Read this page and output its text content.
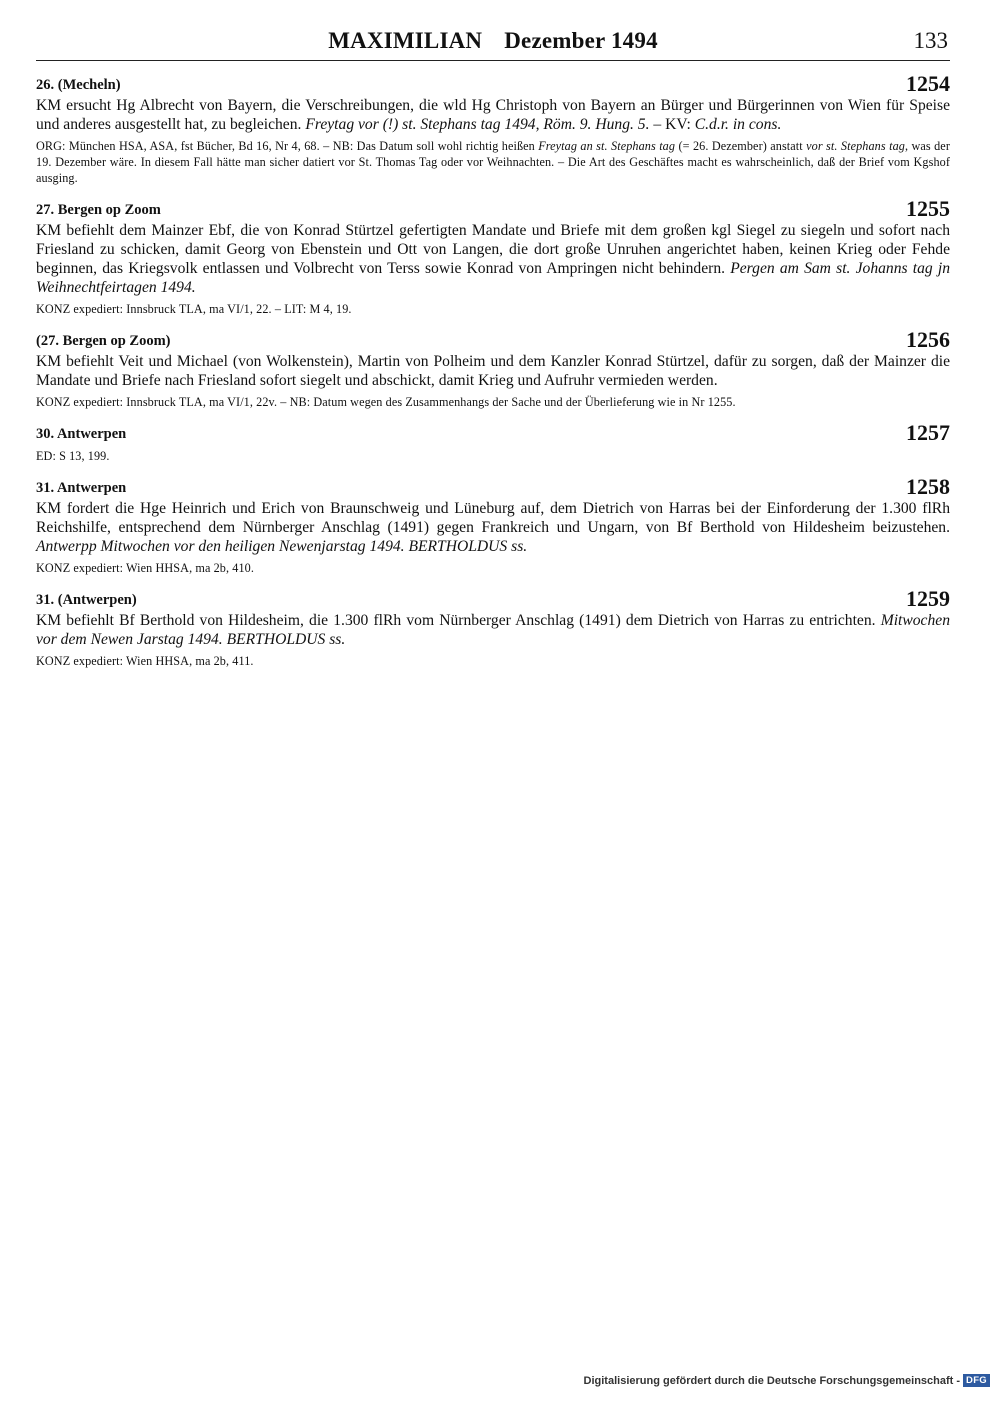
MAXIMILIAN Dezember 1494	133
26. (Mecheln)	1254
KM ersucht Hg Albrecht von Bayern, die Verschreibungen, die wld Hg Christoph von Bayern an Bürger und Bürgerinnen von Wien für Speise und anderes ausgestellt hat, zu begleichen. Freytag vor (!) st. Stephans tag 1494, Röm. 9. Hung. 5. – KV: C.d.r. in cons.
ORG: München HSA, ASA, fst Bücher, Bd 16, Nr 4, 68. – NB: Das Datum soll wohl richtig heißen Freytag an st. Stephans tag (= 26. Dezember) anstatt vor st. Stephans tag, was der 19. Dezember wäre. In diesem Fall hätte man sicher datiert vor St. Thomas Tag oder vor Weihnachten. – Die Art des Geschäftes macht es wahrscheinlich, daß der Brief vom Kgshof ausging.
27. Bergen op Zoom	1255
KM befiehlt dem Mainzer Ebf, die von Konrad Stürtzel gefertigten Mandate und Briefe mit dem großen kgl Siegel zu siegeln und sofort nach Friesland zu schicken, damit Georg von Ebenstein und Ott von Langen, die dort große Unruhen angerichtet haben, keinen Krieg oder Fehde beginnen, das Kriegsvolk entlassen und Volbrecht von Terss sowie Konrad von Ampringen nicht behindern. Pergen am Sam st. Johanns tag jn Weihnechtfeirtagen 1494.
KONZ expediert: Innsbruck TLA, ma VI/1, 22. – LIT: M 4, 19.
(27. Bergen op Zoom)	1256
KM befiehlt Veit und Michael (von Wolkenstein), Martin von Polheim und dem Kanzler Konrad Stürtzel, dafür zu sorgen, daß der Mainzer die Mandate und Briefe nach Friesland sofort siegelt und abschickt, damit Krieg und Aufruhr vermieden werden.
KONZ expediert: Innsbruck TLA, ma VI/1, 22v. – NB: Datum wegen des Zusammenhangs der Sache und der Überlieferung wie in Nr 1255.
30. Antwerpen	1257
ED: S 13, 199.
31. Antwerpen	1258
KM fordert die Hge Heinrich und Erich von Braunschweig und Lüneburg auf, dem Dietrich von Harras bei der Einforderung der 1.300 flRh Reichshilfe, entsprechend dem Nürnberger Anschlag (1491) gegen Frankreich und Ungarn, von Bf Berthold von Hildesheim beizustehen. Antwerpp Mitwochen vor den heiligen Newenjarstag 1494. BERTHOLDUS ss.
KONZ expediert: Wien HHSA, ma 2b, 410.
31. (Antwerpen)	1259
KM befiehlt Bf Berthold von Hildesheim, die 1.300 flRh vom Nürnberger Anschlag (1491) dem Dietrich von Harras zu entrichten. Mitwochen vor dem Newen Jarstag 1494. BERTHOLDUS ss.
KONZ expediert: Wien HHSA, ma 2b, 411.
Digitalisierung gefördert durch die Deutsche Forschungsgemeinschaft - DFG
